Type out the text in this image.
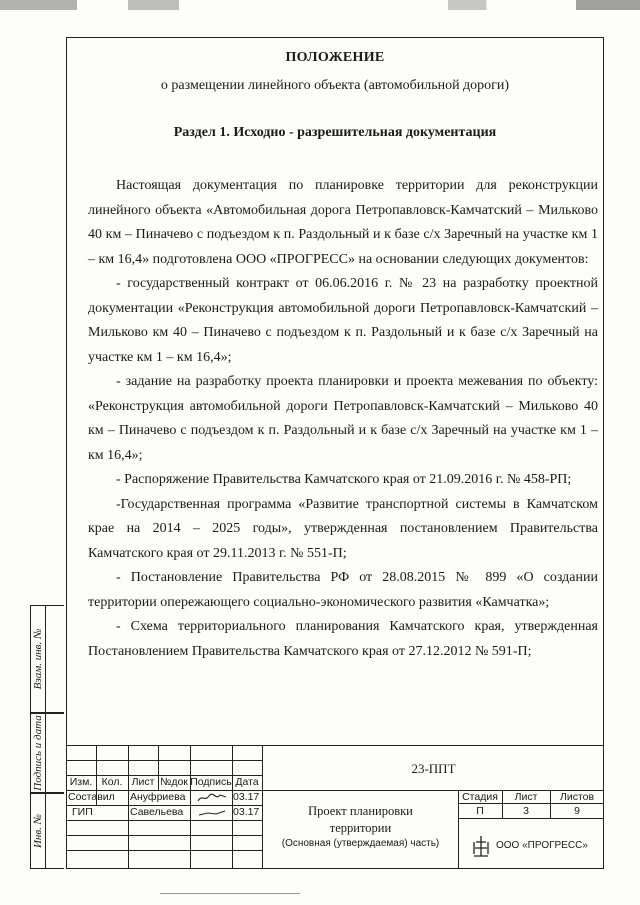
ПОЛОЖЕНИЕ
о размещении линейного объекта (автомобильной дороги)
Раздел 1. Исходно - разрешительная документация

Настоящая документация по планировке территории для реконструкции линейного объекта «Автомобильная дорога Петропавловск-Камчатский – Мильково 40 км – Пиначево с подъездом к п. Раздольный и к базе с/х Заречный на участке км 1 – км 16,4» подготовлена ООО «ПРОГРЕСС» на основании следующих документов:

- государственный контракт от 06.06.2016 г. № 23 на разработку проектной документации «Реконструкция автомобильной дороги Петропавловск-Камчатский – Мильково км 40 – Пиначево с подъездом к п. Раздольный и к базе с/х Заречный на участке км 1 – км 16,4»;

- задание на разработку проекта планировки и проекта межевания по объекту: «Реконструкция автомобильной дороги Петропавловск-Камчатский – Мильково 40 км – Пиначево с подъездом к п. Раздольный и к базе с/х Заречный на участке км 1 – км 16,4»;

- Распоряжение Правительства Камчатского края от 21.09.2016 г. № 458-РП;

-Государственная программа «Развитие транспортной системы в Камчатском крае на 2014 – 2025 годы», утвержденная постановлением Правительства Камчатского края от 29.11.2013 г. № 551-П;

- Постановление Правительства РФ от 28.08.2015 № 899 «О создании территории опережающего социально-экономического развития «Камчатка»;

- Схема территориального планирования Камчатского края, утвержденная Постановлением Правительства Камчатского края от 27.12.2012 № 591-П;

Взам. инв. №
Подпись и дата
Инв. №
Изм. Кол. Лист №док Подпись Дата
Составил	Ануфриева	03.17
ГИП	Савельева	03.17
23-ППТ
Проект планировки
территории
(Основная (утверждаемая) часть)
Стадия	Лист	Листов
П	3	9
ООО «ПРОГРЕСС»
